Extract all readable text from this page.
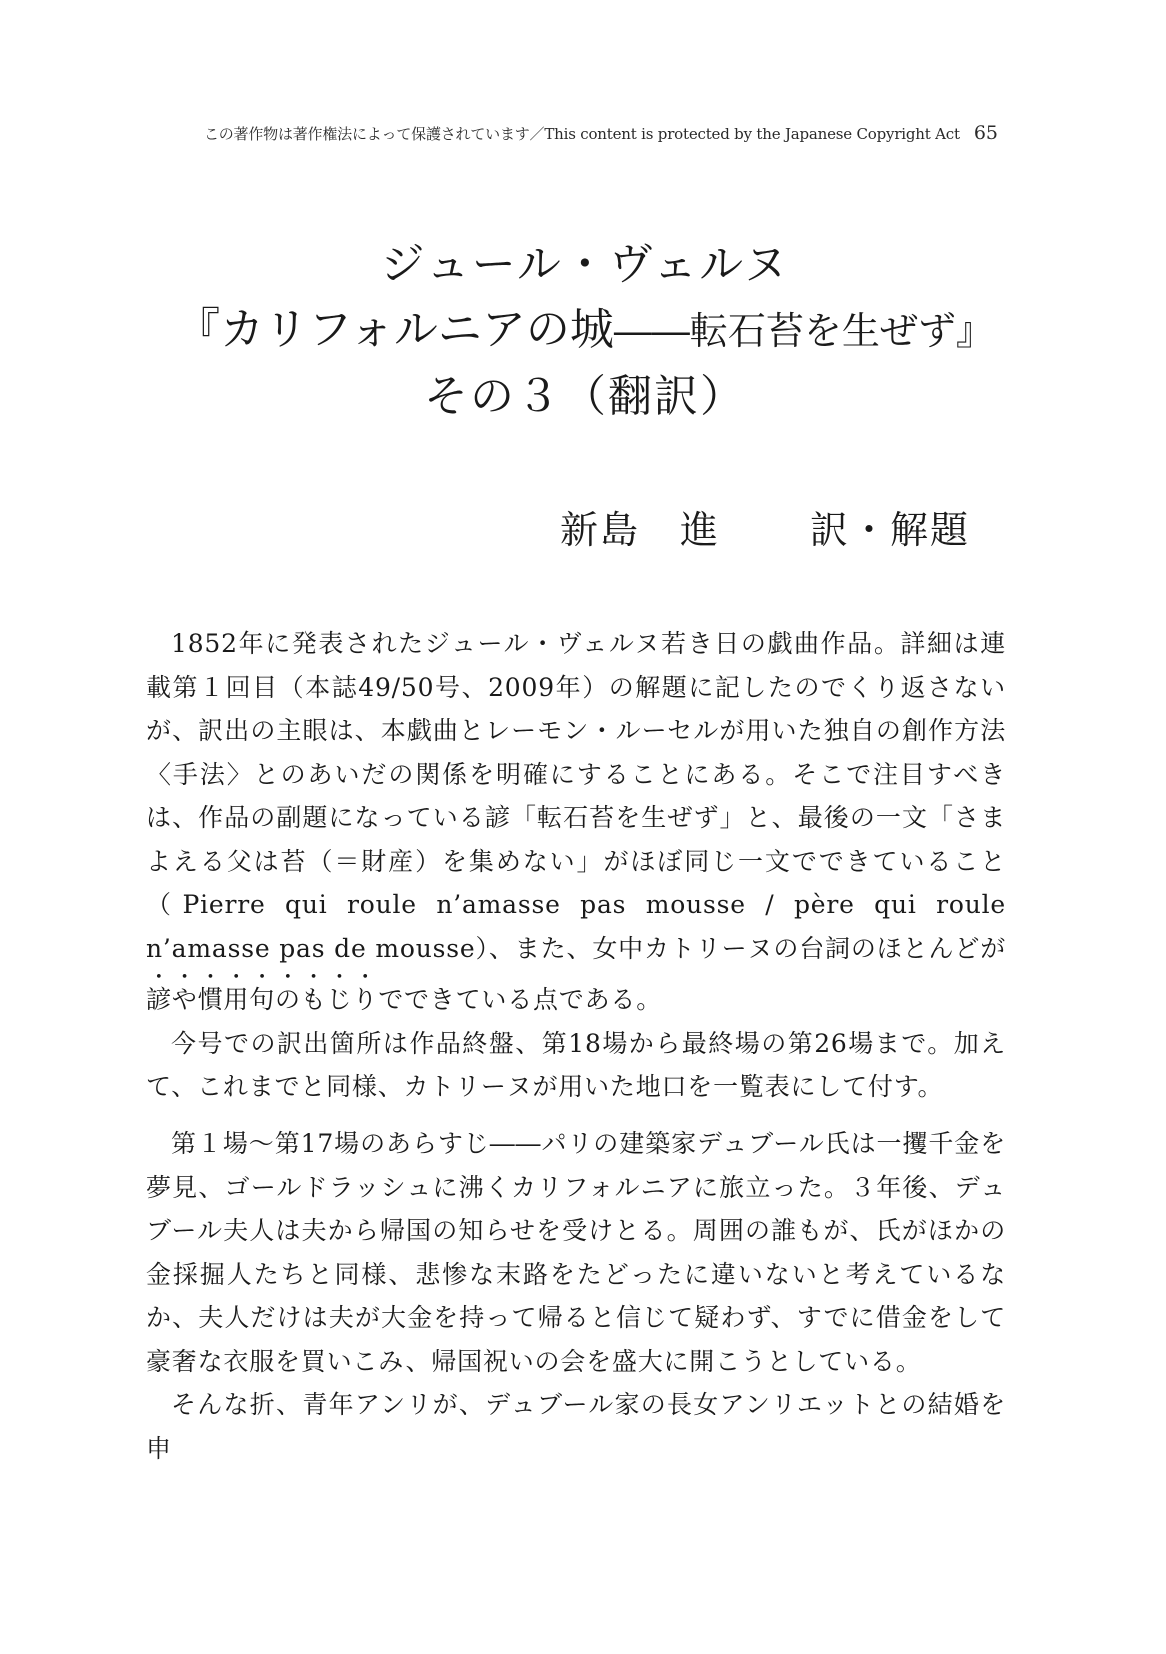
この著作物は著作権法によって保護されています／This content is protected by the Japanese Copyright Act 65
ジュール・ヴェルヌ
『カリフォルニアの城――転石苔を生ぜず』
その３（翻訳）
新島　進 訳・解題

1852年に発表されたジュール・ヴェルヌ若き日の戯曲作品。詳細は連載第１回目（本誌49/50号、2009年）の解題に記したのでくり返さないが、訳出の主眼は、本戯曲とレーモン・ルーセルが用いた独自の創作方法〈手法〉とのあいだの関係を明確にすることにある。そこで注目すべきは、作品の副題になっている諺「転石苔を生ぜず」と、最後の一文「さまよえる父は苔（＝財産）を集めない」がほぼ同じ一文でできていること（Pierre qui roule n’amasse pas mousse / père qui roule n’amasse pas de mousse）、また、女中カトリーヌの台詞のほとんどが諺や慣用句のもじりでできている点である。

今号での訳出箇所は作品終盤、第18場から最終場の第26場まで。加えて、これまでと同様、カトリーヌが用いた地口を一覧表にして付す。

第１場〜第17場のあらすじ――パリの建築家デュブール氏は一攫千金を夢見、ゴールドラッシュに沸くカリフォルニアに旅立った。３年後、デュブール夫人は夫から帰国の知らせを受けとる。周囲の誰もが、氏がほかの金採掘人たちと同様、悲惨な末路をたどったに違いないと考えているなか、夫人だけは夫が大金を持って帰ると信じて疑わず、すでに借金をして豪奢な衣服を買いこみ、帰国祝いの会を盛大に開こうとしている。

そんな折、青年アンリが、デュブール家の長女アンリエットとの結婚を申
